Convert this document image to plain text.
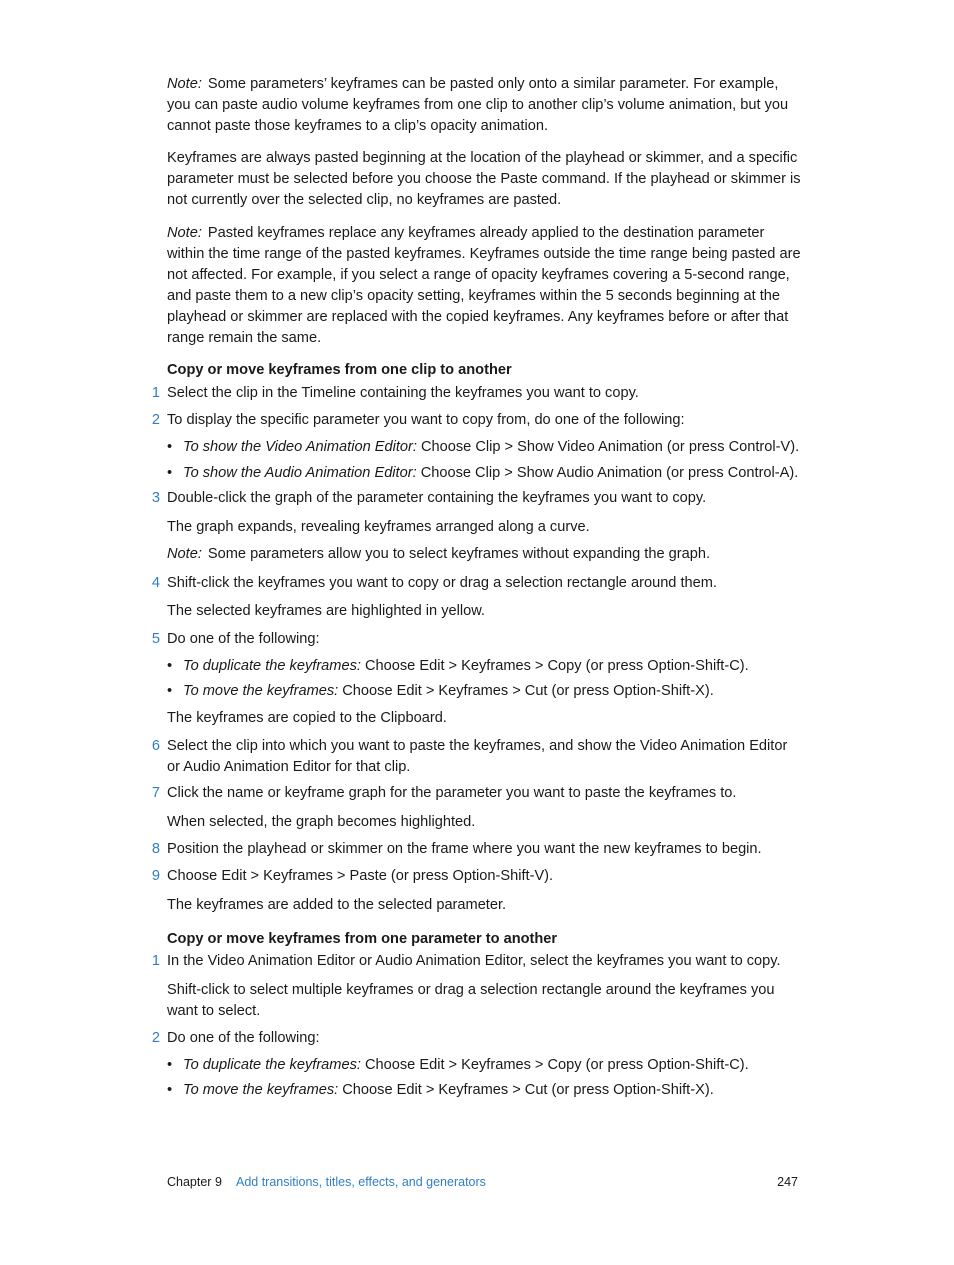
Note: Some parameters’ keyframes can be pasted only onto a similar parameter. For example, you can paste audio volume keyframes from one clip to another clip’s volume animation, but you cannot paste those keyframes to a clip’s opacity animation.

Keyframes are always pasted beginning at the location of the playhead or skimmer, and a specific parameter must be selected before you choose the Paste command. If the playhead or skimmer is not currently over the selected clip, no keyframes are pasted.

Note: Pasted keyframes replace any keyframes already applied to the destination parameter within the time range of the pasted keyframes. Keyframes outside the time range being pasted are not affected. For example, if you select a range of opacity keyframes covering a 5-second range, and paste them to a new clip’s opacity setting, keyframes within the 5 seconds beginning at the playhead or skimmer are replaced with the copied keyframes. Any keyframes before or after that range remain the same.

Copy or move keyframes from one clip to another

1 Select the clip in the Timeline containing the keyframes you want to copy.

2 To display the specific parameter you want to copy from, do one of the following:

• To show the Video Animation Editor: Choose Clip > Show Video Animation (or press Control-V).

• To show the Audio Animation Editor: Choose Clip > Show Audio Animation (or press Control-A).

3 Double-click the graph of the parameter containing the keyframes you want to copy.

The graph expands, revealing keyframes arranged along a curve.

Note: Some parameters allow you to select keyframes without expanding the graph.

4 Shift-click the keyframes you want to copy or drag a selection rectangle around them.

The selected keyframes are highlighted in yellow.

5 Do one of the following:

• To duplicate the keyframes: Choose Edit > Keyframes > Copy (or press Option-Shift-C).

• To move the keyframes: Choose Edit > Keyframes > Cut (or press Option-Shift-X).

The keyframes are copied to the Clipboard.

6 Select the clip into which you want to paste the keyframes, and show the Video Animation Editor or Audio Animation Editor for that clip.

7 Click the name or keyframe graph for the parameter you want to paste the keyframes to.

When selected, the graph becomes highlighted.

8 Position the playhead or skimmer on the frame where you want the new keyframes to begin.

9 Choose Edit > Keyframes > Paste (or press Option-Shift-V).

The keyframes are added to the selected parameter.

Copy or move keyframes from one parameter to another

1 In the Video Animation Editor or Audio Animation Editor, select the keyframes you want to copy.

Shift-click to select multiple keyframes or drag a selection rectangle around the keyframes you want to select.

2 Do one of the following:

• To duplicate the keyframes: Choose Edit > Keyframes > Copy (or press Option-Shift-C).

• To move the keyframes: Choose Edit > Keyframes > Cut (or press Option-Shift-X).

Chapter 9 Add transitions, titles, effects, and generators	247
